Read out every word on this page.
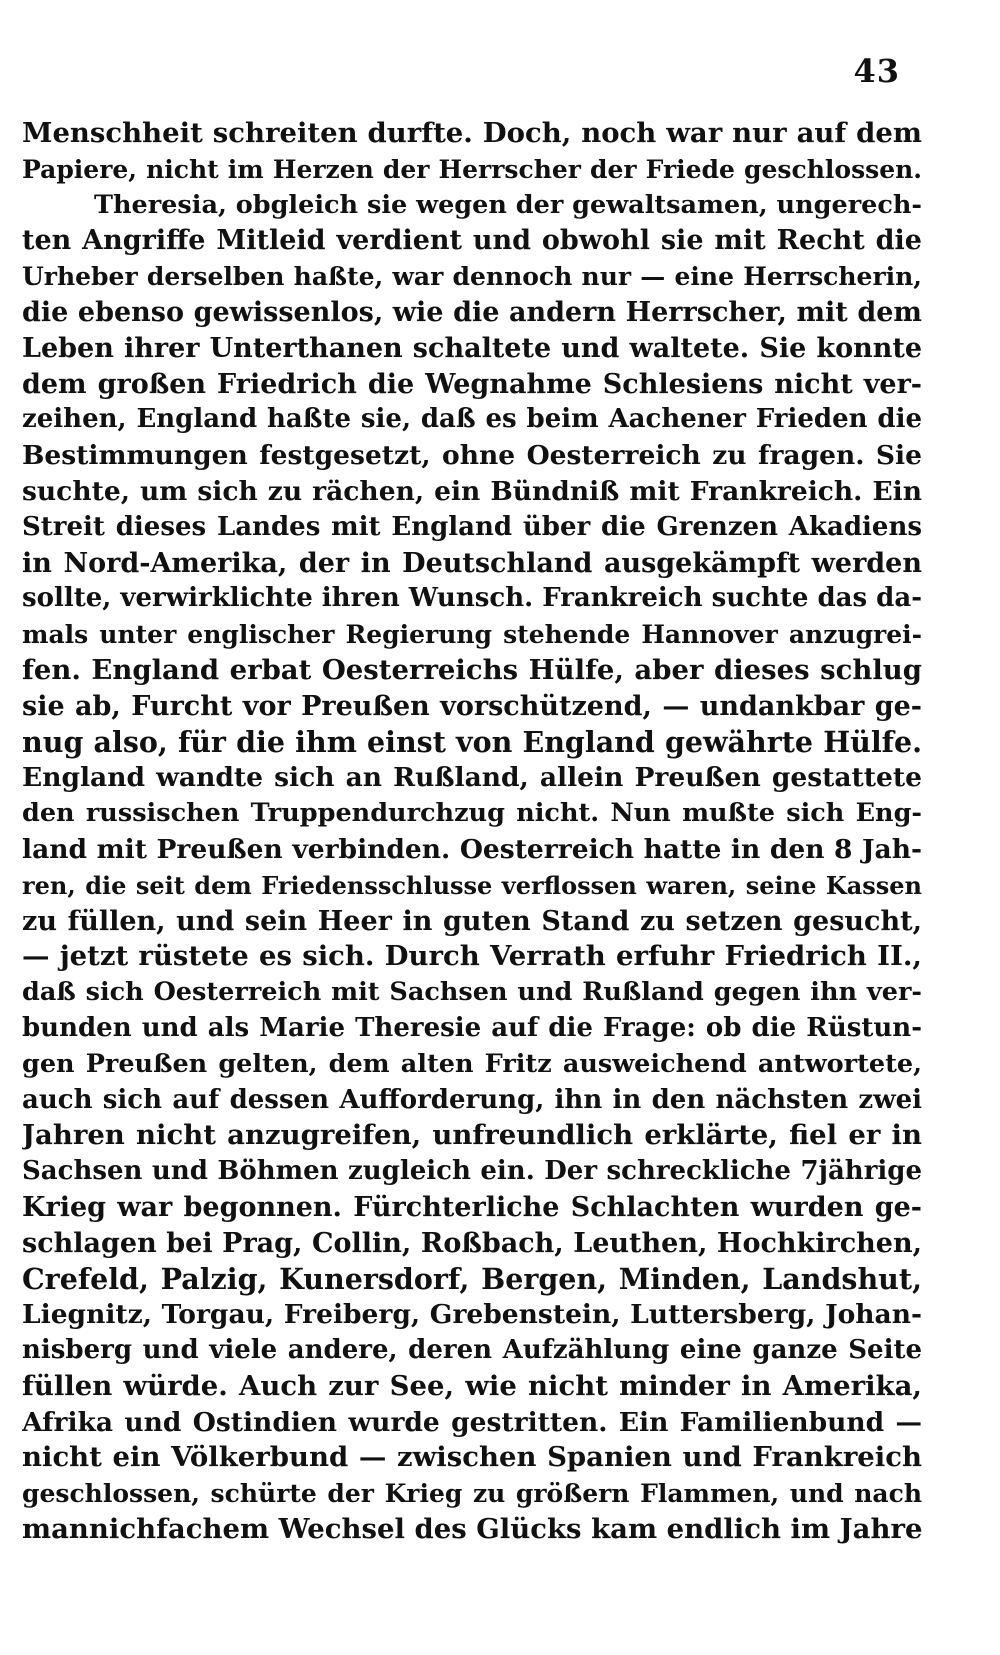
43
Menschheit schreiten durfte. Doch, noch war nur auf dem
Papiere, nicht im Herzen der Herrscher der Friede geschlossen.
Theresia, obgleich sie wegen der gewaltsamen, ungerech-
ten Angriffe Mitleid verdient und obwohl sie mit Recht die
Urheber derselben haßte, war dennoch nur — eine Herrscherin,
die ebenso gewissenlos, wie die andern Herrscher, mit dem
Leben ihrer Unterthanen schaltete und waltete. Sie konnte
dem großen Friedrich die Wegnahme Schlesiens nicht ver-
zeihen, England haßte sie, daß es beim Aachener Frieden die
Bestimmungen festgesetzt, ohne Oesterreich zu fragen. Sie
suchte, um sich zu rächen, ein Bündniß mit Frankreich. Ein
Streit dieses Landes mit England über die Grenzen Akadiens
in Nord-Amerika, der in Deutschland ausgekämpft werden
sollte, verwirklichte ihren Wunsch. Frankreich suchte das da-
mals unter englischer Regierung stehende Hannover anzugrei-
fen. England erbat Oesterreichs Hülfe, aber dieses schlug
sie ab, Furcht vor Preußen vorschützend, — undankbar ge-
nug also, für die ihm einst von England gewährte Hülfe.
England wandte sich an Rußland, allein Preußen gestattete
den russischen Truppendurchzug nicht. Nun mußte sich Eng-
land mit Preußen verbinden. Oesterreich hatte in den 8 Jah-
ren, die seit dem Friedensschlusse verflossen waren, seine Kassen
zu füllen, und sein Heer in guten Stand zu setzen gesucht,
— jetzt rüstete es sich. Durch Verrath erfuhr Friedrich II.,
daß sich Oesterreich mit Sachsen und Rußland gegen ihn ver-
bunden und als Marie Theresie auf die Frage: ob die Rüstun-
gen Preußen gelten, dem alten Fritz ausweichend antwortete,
auch sich auf dessen Aufforderung, ihn in den nächsten zwei
Jahren nicht anzugreifen, unfreundlich erklärte, fiel er in
Sachsen und Böhmen zugleich ein. Der schreckliche 7jährige
Krieg war begonnen. Fürchterliche Schlachten wurden ge-
schlagen bei Prag, Collin, Roßbach, Leuthen, Hochkirchen,
Crefeld, Palzig, Kunersdorf, Bergen, Minden, Landshut,
Liegnitz, Torgau, Freiberg, Grebenstein, Luttersberg, Johan-
nisberg und viele andere, deren Aufzählung eine ganze Seite
füllen würde. Auch zur See, wie nicht minder in Amerika,
Afrika und Ostindien wurde gestritten. Ein Familienbund —
nicht ein Völkerbund — zwischen Spanien und Frankreich
geschlossen, schürte der Krieg zu größern Flammen, und nach
mannichfachem Wechsel des Glücks kam endlich im Jahre
